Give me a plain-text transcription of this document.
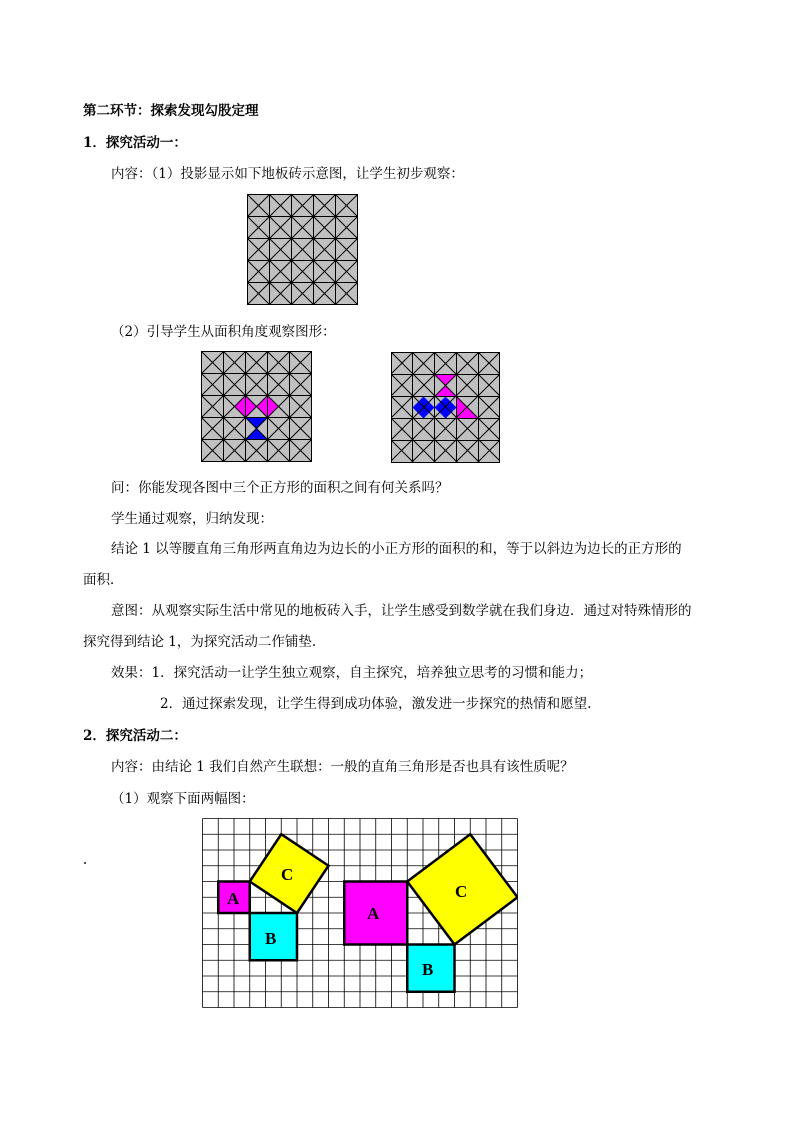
第二环节：探索发现勾股定理
1．探究活动一：
内容：（1）投影显示如下地板砖示意图，让学生初步观察：
（2）引导学生从面积角度观察图形：
问：你能发现各图中三个正方形的面积之间有何关系吗？
学生通过观察，归纳发现：
结论 1 以等腰直角三角形两直角边为边长的小正方形的面积的和，等于以斜边为边长的正方形的
面积．
意图：从观察实际生活中常见的地板砖入手，让学生感受到数学就在我们身边．通过对特殊情形的
探究得到结论 1，为探究活动二作铺垫.
效果：1．探究活动一让学生独立观察，自主探究，培养独立思考的习惯和能力；
2．通过探索发现，让学生得到成功体验，激发进一步探究的热情和愿望.
2．探究活动二：
内容：由结论 1 我们自然产生联想：一般的直角三角形是否也具有该性质呢？
（1）观察下面两幅图：
A
B
C
A
B
C
